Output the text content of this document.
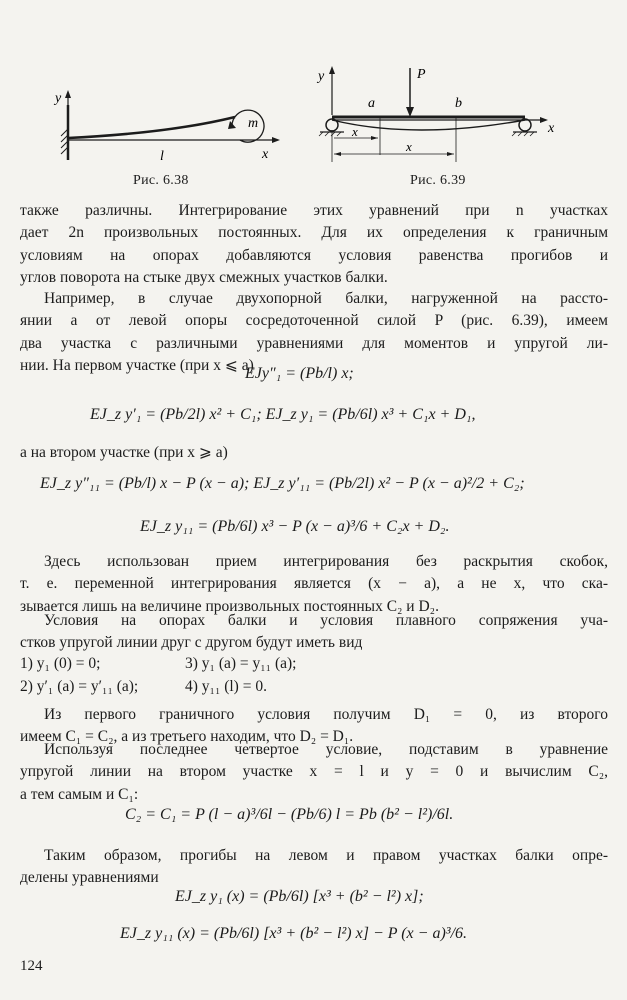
y
x
m
l
Рис. 6.38
y
x
P
a	b
x
x
Рис. 6.39
также различны. Интегрирование этих уравнений при n участках
дает 2n произвольных постоянных. Для их определения к граничным
условиям на опорах добавляются условия равенства прогибов и
углов поворота на стыке двух смежных участков балки.
Например, в случае двухопорной балки, нагруженной на рассто-
янии a от левой опоры сосредоточенной силой P (рис. 6.39), имеем
два участка с различными уравнениями для моментов и упругой ли-
нии. На первом участке (при x ⩽ a)
EJy″₁ = (Pb/l) x;
EJ_z y′₁ = (Pb/2l) x² + C₁; EJ_z y₁ = (Pb/6l) x³ + C₁x + D₁,
а на втором участке (при x ⩾ a)
EJ_z y″₁₁ = (Pb/l) x − P (x − a); EJ_z y′₁₁ = (Pb/2l) x² − P (x − a)²/2 + C₂;
EJ_z y₁₁ = (Pb/6l) x³ − P (x − a)³/6 + C₂x + D₂.
Здесь использован прием интегрирования без раскрытия скобок,
т. е. переменной интегрирования является (x − a), а не x, что ска-
зывается лишь на величине произвольных постоянных C₂ и D₂.
Условия на опорах балки и условия плавного сопряжения уча-
стков упругой линии друг с другом будут иметь вид
1) y₁ (0) = 0;	3) y₁ (a) = y₁₁ (a);
2) y′₁ (a) = y′₁₁ (a);	4) y₁₁ (l) = 0.
Из первого граничного условия получим D₁ = 0, из второго
имеем C₁ = C₂, а из третьего находим, что D₂ = D₁.
Используя последнее четвертое условие, подставим в уравнение
упругой линии на втором участке x = l и y = 0 и вычислим C₂,
а тем самым и C₁:
C₂ = C₁ = P (l − a)³/6l − (Pb/6) l = Pb (b² − l²)/6l.
Таким образом, прогибы на левом и правом участках балки опре-
делены уравнениями
EJ_z y₁ (x) = (Pb/6l) [x³ + (b² − l²) x];
EJ_z y₁₁ (x) = (Pb/6l) [x³ + (b² − l²) x] − P (x − a)³/6.
124
